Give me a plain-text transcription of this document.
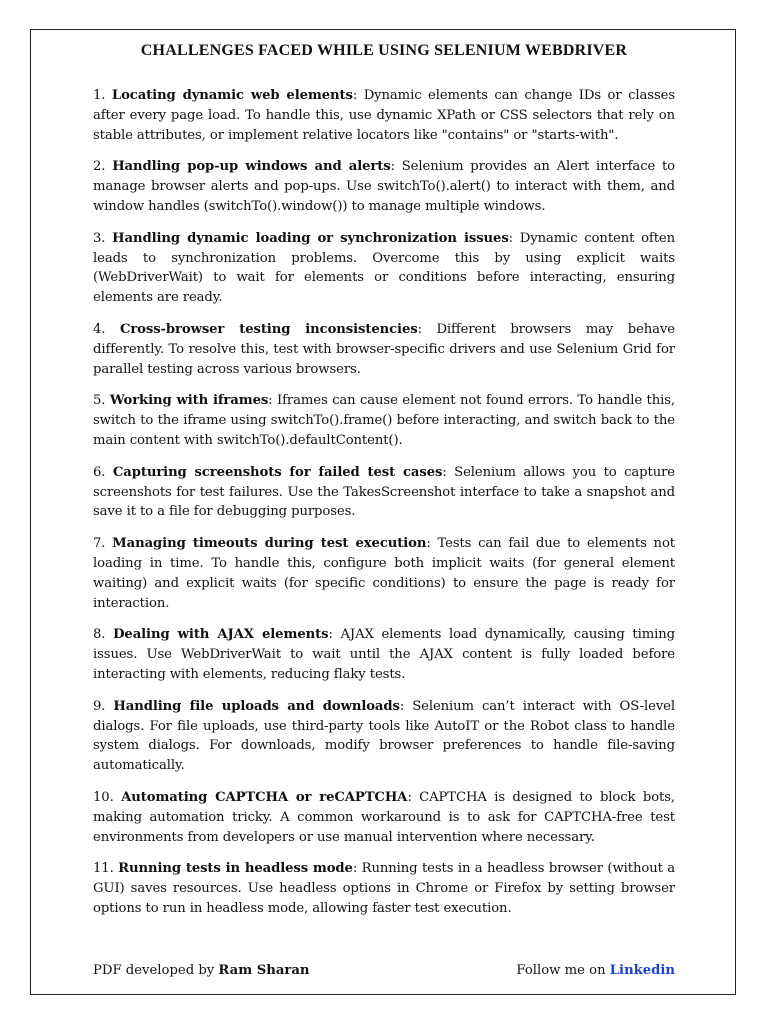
CHALLENGES FACED WHILE USING SELENIUM WEBDRIVER
1. Locating dynamic web elements: Dynamic elements can change IDs or classes after every page load. To handle this, use dynamic XPath or CSS selectors that rely on stable attributes, or implement relative locators like "contains" or "starts-with".
2. Handling pop-up windows and alerts: Selenium provides an Alert interface to manage browser alerts and pop-ups. Use switchTo().alert() to interact with them, and window handles (switchTo().window()) to manage multiple windows.
3. Handling dynamic loading or synchronization issues: Dynamic content often leads to synchronization problems. Overcome this by using explicit waits (WebDriverWait) to wait for elements or conditions before interacting, ensuring elements are ready.
4. Cross-browser testing inconsistencies: Different browsers may behave differently. To resolve this, test with browser-specific drivers and use Selenium Grid for parallel testing across various browsers.
5. Working with iframes: Iframes can cause element not found errors. To handle this, switch to the iframe using switchTo().frame() before interacting, and switch back to the main content with switchTo().defaultContent().
6. Capturing screenshots for failed test cases: Selenium allows you to capture screenshots for test failures. Use the TakesScreenshot interface to take a snapshot and save it to a file for debugging purposes.
7. Managing timeouts during test execution: Tests can fail due to elements not loading in time. To handle this, configure both implicit waits (for general element waiting) and explicit waits (for specific conditions) to ensure the page is ready for interaction.
8. Dealing with AJAX elements: AJAX elements load dynamically, causing timing issues. Use WebDriverWait to wait until the AJAX content is fully loaded before interacting with elements, reducing flaky tests.
9. Handling file uploads and downloads: Selenium can’t interact with OS-level dialogs. For file uploads, use third-party tools like AutoIT or the Robot class to handle system dialogs. For downloads, modify browser preferences to handle file-saving automatically.
10. Automating CAPTCHA or reCAPTCHA: CAPTCHA is designed to block bots, making automation tricky. A common workaround is to ask for CAPTCHA-free test environments from developers or use manual intervention where necessary.
11. Running tests in headless mode: Running tests in a headless browser (without a GUI) saves resources. Use headless options in Chrome or Firefox by setting browser options to run in headless mode, allowing faster test execution.
PDF developed by Ram Sharan	Follow me on Linkedin
